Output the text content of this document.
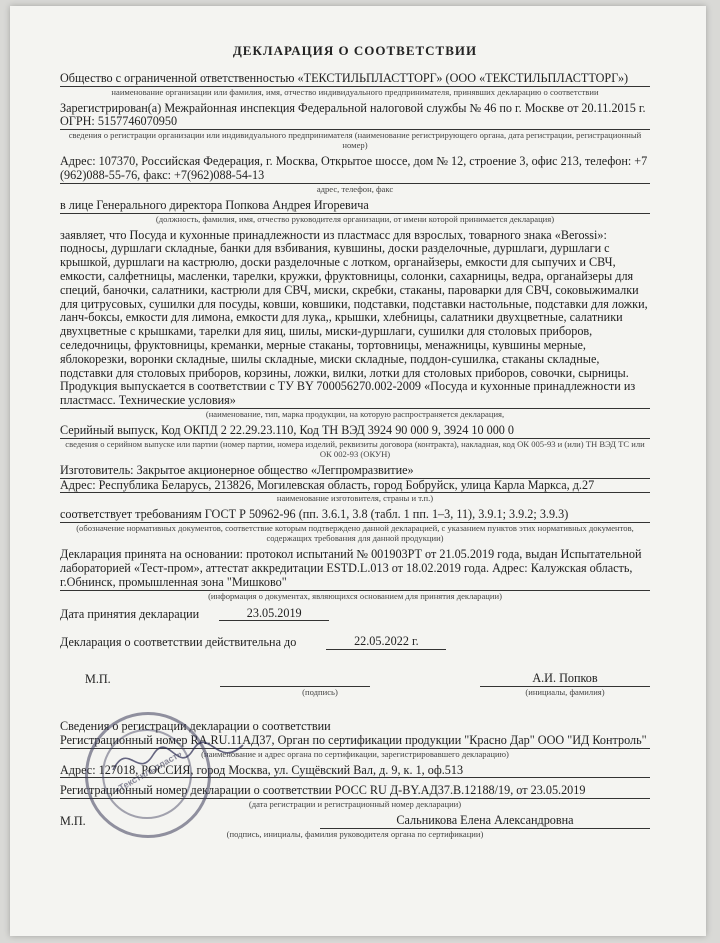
ДЕКЛАРАЦИЯ О СООТВЕТСТВИИ

Общество с ограниченной ответственностью «ТЕКСТИЛЬПЛАСТТОРГ» (ООО «ТЕКСТИЛЬПЛАСТТОРГ»)

наименование организации или фамилия, имя, отчество индивидуального предпринимателя, принявших декларацию о соответствии

Зарегистрирован(а) Межрайонная инспекция Федеральной налоговой службы № 46 по г. Москве от 20.11.2015 г. ОГРН: 5157746070950

сведения о регистрации организации или индивидуального предпринимателя (наименование регистрирующего органа, дата регистрации, регистрационный номер)

Адрес: 107370, Российская Федерация, г. Москва, Открытое шоссе, дом № 12, строение 3, офис 213, телефон: +7 (962)088-55-76, факс: +7(962)088-54-13

адрес, телефон, факс

в лице Генерального директора Попкова Андрея Игоревича

(должность, фамилия, имя, отчество руководителя организации, от имени которой принимается декларация)

заявляет, что Посуда и кухонные принадлежности из пластмасс для взрослых, товарного знака «Berossi»: подносы, дуршлаги складные, банки для взбивания, кувшины, доски разделочные, дуршлаги, дуршлаги с крышкой, дуршлаги на кастрюлю, доски разделочные с лотком, органайзеры, емкости для сыпучих и СВЧ, емкости, салфетницы, масленки, тарелки, кружки, фруктовницы, солонки, сахарницы, ведра, органайзеры для специй, баночки, салатники, кастрюли для СВЧ, миски, скребки, стаканы, пароварки для СВЧ, соковыжималки для цитрусовых, сушилки для посуды, ковши, ковшики, подставки, подставки настольные, подставки для ложки, ланч-боксы, емкости для лимона, емкости для лука,, крышки, хлебницы, салатники двухцветные, салатники двухцветные с крышками, тарелки для яиц, шилы, миски-дуршлаги, сушилки для столовых приборов, селедочницы, фруктовницы, креманки, мерные стаканы, тортовницы, менажницы, кувшины мерные, яблокорезки, воронки складные, шилы складные, миски складные, поддон-сушилка, стаканы складные, подставки для столовых приборов, корзины, ложки, вилки, лотки для столовых приборов, совочки, сырницы.

Продукция выпускается в соответствии с ТУ BY 700056270.002-2009 «Посуда и кухонные принадлежности из пластмасс. Технические условия»

(наименование, тип, марка продукции, на которую распространяется декларация,

Серийный выпуск, Код ОКПД 2 22.29.23.110, Код ТН ВЭД 3924 90 000 9, 3924 10 000 0

сведения о серийном выпуске или партии (номер партии, номера изделий, реквизиты договора (контракта), накладная, код ОК 005-93 и (или) ТН ВЭД ТС или ОК 002-93 (ОКУН)

Изготовитель: Закрытое акционерное общество «Легпромразвитие»

Адрес: Республика Беларусь, 213826, Могилевская область, город Бобруйск, улица Карла Маркса, д.27

наименование изготовителя, страны и т.п.)

соответствует требованиям ГОСТ Р 50962-96 (пп. 3.6.1, 3.8 (табл. 1 пп. 1–3, 11), 3.9.1; 3.9.2; 3.9.3)

(обозначение нормативных документов, соответствие которым подтверждено данной декларацией, с указанием пунктов этих нормативных документов, содержащих требования для данной продукции)

Декларация принята на основании: протокол испытаний № 001903РТ от 21.05.2019 года, выдан Испытательной лабораторией «Тест-пром», аттестат аккредитации ESTD.L.013 от 18.02.2019 года. Адрес: Калужская область, г.Обнинск, промышленная зона "Мишково"

(информация о документах, являющихся основанием для принятия декларации)

Дата принятия декларации	23.05.2019
Декларация о соответствии действительна до	22.05.2022 г.
М.П.	А.И. Попков
(подпись)	(инициалы, фамилия)

Сведения о регистрации декларации о соответствии

Регистрационный номер RA.RU.11АД37, Орган по сертификации продукции "Красно Дар" ООО "ИД Контроль"

(наименование и адрес органа по сертификации, зарегистрировавшего декларацию)

Адрес: 127018, РОССИЯ, город Москва, ул. Сущёвский Вал, д. 9, к. 1, оф.513

Регистрационный номер декларации о соответствии РОСС RU Д-BY.АД37.В.12188/19, от 23.05.2019

(дата регистрации и регистрационный номер декларации)

М.П.	Сальникова Елена Александровна

(подпись, инициалы, фамилия руководителя органа по сертификации)

«Текстильпласт»
